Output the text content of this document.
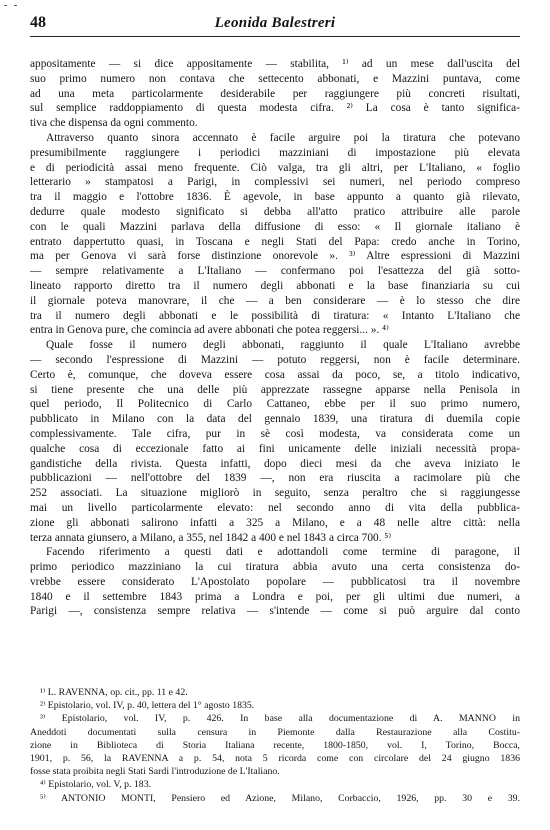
- -
48	Leonida Balestreri
appositamente — si dice appositamente — stabilita, ¹⁾ ad un mese dall'uscita del
suo primo numero non contava che settecento abbonati, e Mazzini puntava, come
ad una meta particolarmente desiderabile per raggiungere più concreti risultati,
sul semplice raddoppiamento di questa modesta cifra. ²⁾ La cosa è tanto significa-
tiva che dispensa da ogni commento.
Attraverso quanto sinora accennato è facile arguire poi la tiratura che potevano
presumibilmente raggiungere i periodici mazziniani di impostazione più elevata
e di periodicità assai meno frequente. Ciò valga, tra gli altri, per L'Italiano, « foglio
letterario » stampatosi a Parigi, in complessivi sei numeri, nel periodo compreso
tra il maggio e l'ottobre 1836. È agevole, in base appunto a quanto già rilevato,
dedurre quale modesto significato si debba all'atto pratico attribuire alle parole
con le quali Mazzini parlava della diffusione di esso: « Il giornale italiano è
entrato dappertutto quasi, in Toscana e negli Stati del Papa: credo anche in Torino,
ma per Genova vi sarà forse distinzione onorevole ». ³⁾ Altre espressioni di Mazzini
— sempre relativamente a L'Italiano — confermano poi l'esattezza del già sotto-
lineato rapporto diretto tra il numero degli abbonati e la base finanziaria su cui
il giornale poteva manovrare, il che — a ben considerare — è lo stesso che dire
tra il numero degli abbonati e le possibilità di tiratura: « Intanto L'Italiano che
entra in Genova pure, che comincia ad avere abbonati che potea reggersi... ». ⁴⁾
Quale fosse il numero degli abbonati, raggiunto il quale L'Italiano avrebbe
— secondo l'espressione di Mazzini — potuto reggersi, non è facile determinare.
Certo è, comunque, che doveva essere cosa assai da poco, se, a titolo indicativo,
si tiene presente che una delle più apprezzate rassegne apparse nella Penisola in
quel periodo, Il Politecnico di Carlo Cattaneo, ebbe per il suo primo numero,
pubblicato in Milano con la data del gennaio 1839, una tiratura di duemila copie
complessivamente. Tale cifra, pur in sè così modesta, va considerata come un
qualche cosa di eccezionale fatto ai fini unicamente delle iniziali necessità propa-
gandistiche della rivista. Questa infatti, dopo dieci mesi da che aveva iniziato le
pubblicazioni — nell'ottobre del 1839 —, non era riuscita a racimolare più che
252 associati. La situazione migliorò in seguito, senza peraltro che si raggiungesse
mai un livello particolarmente elevato: nel secondo anno di vita della pubblica-
zione gli abbonati salirono infatti a 325 a Milano, e a 48 nelle altre città: nella
terza annata giunsero, a Milano, a 355, nel 1842 a 400 e nel 1843 a circa 700. ⁵⁾
Facendo riferimento a questi dati e adottandoli come termine di paragone, il
primo periodico mazziniano la cui tiratura abbia avuto una certa consistenza do-
vrebbe essere considerato L'Apostolato popolare — pubblicatosi tra il novembre
1840 e il settembre 1843 prima a Londra e poi, per gli ultimi due numeri, a
Parigi —, consistenza sempre relativa — s'intende — come si può arguire dal conto
¹⁾ L. RAVENNA, op. cit., pp. 11 e 42.
²⁾ Epistolario, vol. IV, p. 40, lettera del 1° agosto 1835.
³⁾ Epistolario, vol. IV, p. 426. In base alla documentazione di A. MANNO in
Aneddoti documentati sulla censura in Piemonte dalla Restaurazione alla Costitu-
zione in Biblioteca di Storia Italiana recente, 1800-1850, vol. I, Torino, Bocca,
1901, p. 56, la RAVENNA a p. 54, nota 5 ricorda come con circolare del 24 giugno 1836
fosse stata proibita negli Stati Sardi l'introduzione de L'Italiano.
⁴⁾ Epistolario, vol. V, p. 183.
⁵⁾ ANTONIO MONTI, Pensiero ed Azione, Milano, Corbaccio, 1926, pp. 30 e 39.
